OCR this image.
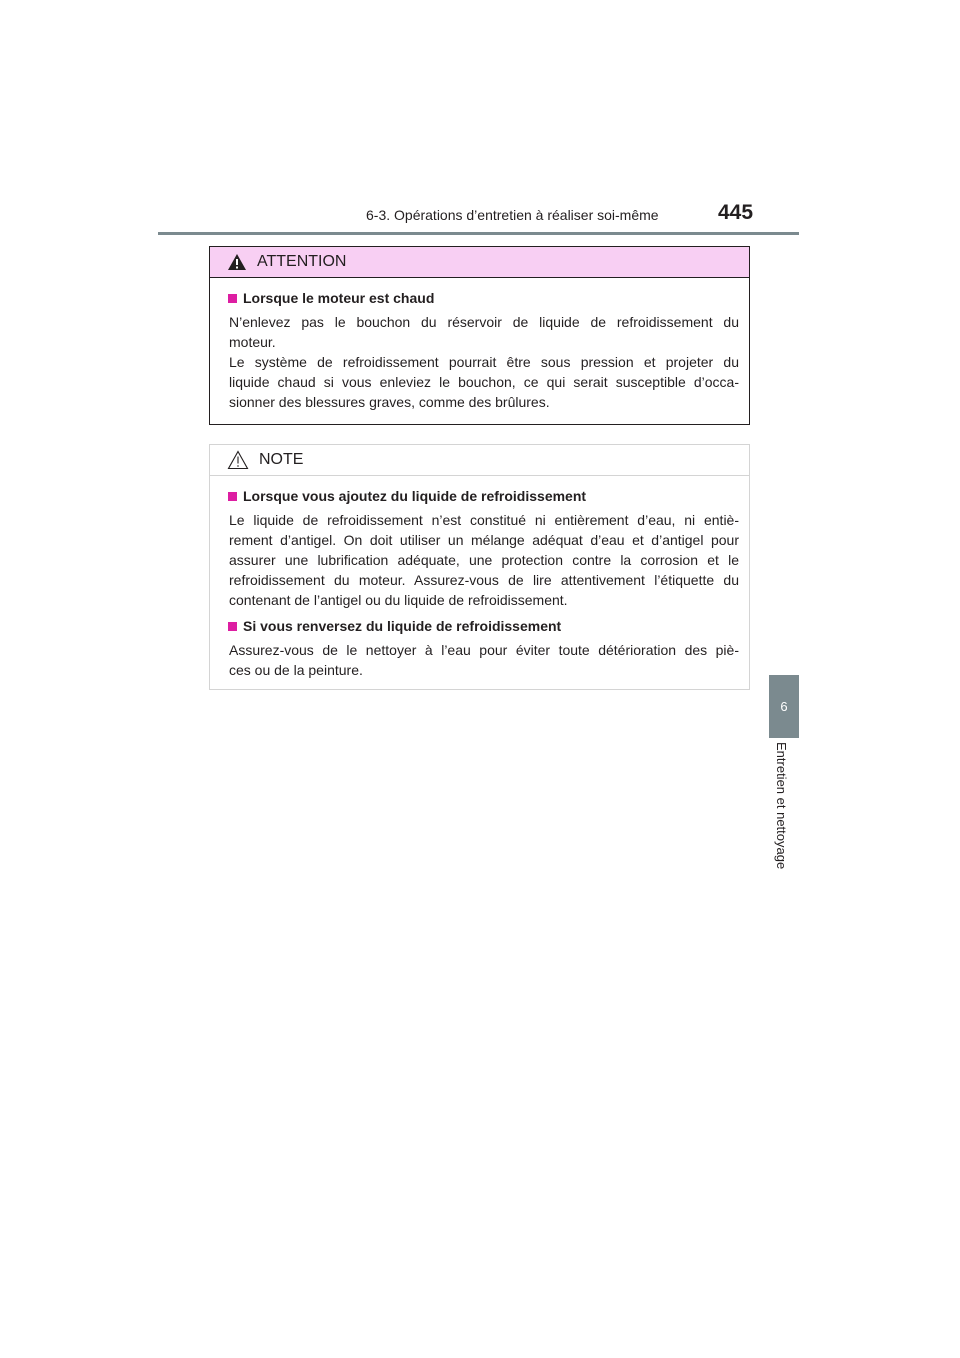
6-3. Opérations d’entretien à réaliser soi-même	445
6
Entretien et nettoyage
ATTENTION
Lorsque le moteur est chaud
N’enlevez pas le bouchon du réservoir de liquide de refroidissement du
moteur.
Le système de refroidissement pourrait être sous pression et projeter du
liquide chaud si vous enleviez le bouchon, ce qui serait susceptible d’occa-
sionner des blessures graves, comme des brûlures.
NOTE
Lorsque vous ajoutez du liquide de refroidissement
Le liquide de refroidissement n’est constitué ni entièrement d’eau, ni entiè-
rement d’antigel. On doit utiliser un mélange adéquat d’eau et d’antigel pour
assurer une lubrification adéquate, une protection contre la corrosion et le
refroidissement du moteur. Assurez-vous de lire attentivement l’étiquette du
contenant de l’antigel ou du liquide de refroidissement.
Si vous renversez du liquide de refroidissement
Assurez-vous de le nettoyer à l’eau pour éviter toute détérioration des piè-
ces ou de la peinture.
